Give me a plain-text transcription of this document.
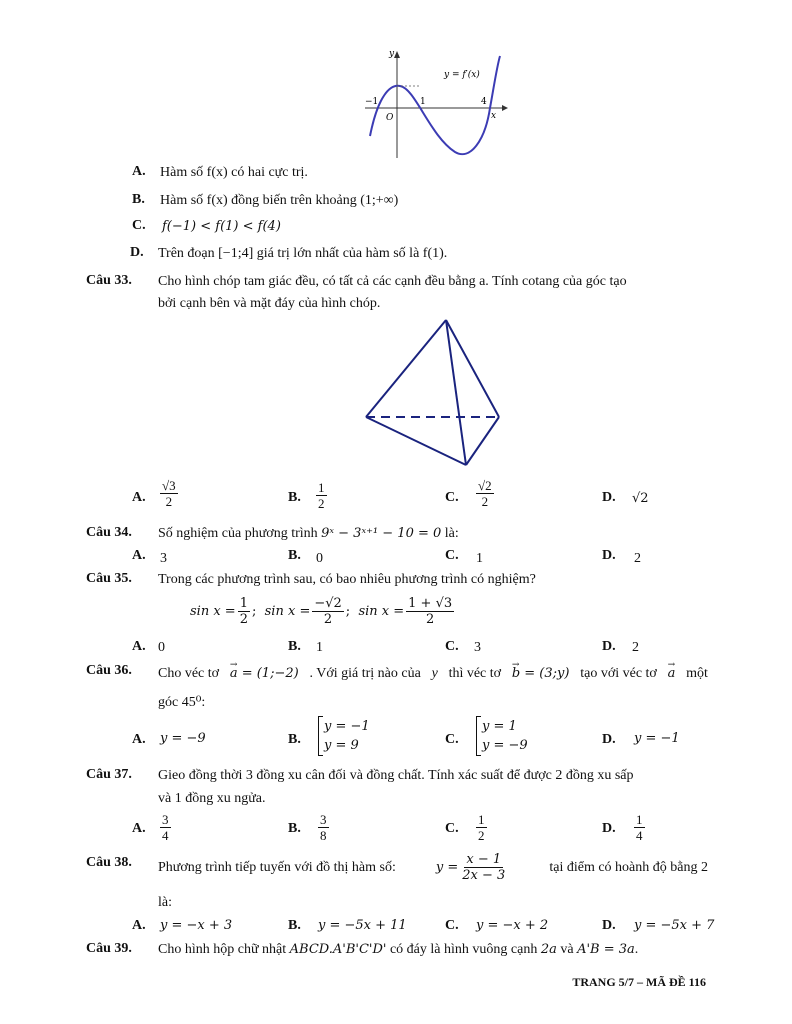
y
x
O
−1	1	4
y = f′(x)
A. Hàm số f(x) có hai cực trị.
B. Hàm số f(x) đồng biến trên khoảng (1;+∞)
C. f(−1) < f(1) < f(4)
D. Trên đoạn [−1;4] giá trị lớn nhất của hàm số là f(1).
Câu 33. Cho hình chóp tam giác đều, có tất cả các cạnh đều bằng a. Tính cotang của góc tạo
bởi cạnh bên và mặt đáy của hình chóp.
A. $\frac{√3}{2}$	B. $\frac{1}{2}$	C. $\frac{√2}{2}$	D. √2
Câu 34. Số nghiệm của phương trình 9ˣ − 3ˣ⁺¹ − 10 = 0 là:
A. 3	B. 0	C. 1	D. 2
Câu 35. Trong các phương trình sau, có bao nhiêu phương trình có nghiệm?
$\sin x = \frac{1}{2}$ ; $\sin x = \frac{-√2}{2}$ ; $\sin x = \frac{1 + √3}{2}$
A. 0	B. 1	C. 3	D. 2
Câu 36. Cho véc tơ → a = (1;−2) . Với giá trị nào của y thì véc tơ → b = (3;y) tạo với véc tơ → a một
góc 45⁰:
A. y = −9	B.
y = −1
y = 9	C.
y = 1
y = −9	D. y = −1
Câu 37. Gieo đồng thời 3 đồng xu cân đối và đồng chất. Tính xác suất để được 2 đồng xu sấp
và 1 đồng xu ngửa.
A. $\frac{3}{4}$	B. $\frac{3}{8}$	C. $\frac{1}{2}$	D. $\frac{1}{4}$
Câu 38. Phương trình tiếp tuyến với đồ thị hàm số:	$y = \frac{x - 1}{2x - 3}$	tại điểm có hoành độ bằng 2
là:
A. y = −x + 3	B. y = −5x + 11	C. y = −x + 2	D. y = −5x + 7
Câu 39. Cho hình hộp chữ nhật ABCD.A'B'C'D' có đáy là hình vuông cạnh 2a và A'B = 3a.
TRANG 5/7 – MÃ ĐỀ 116
